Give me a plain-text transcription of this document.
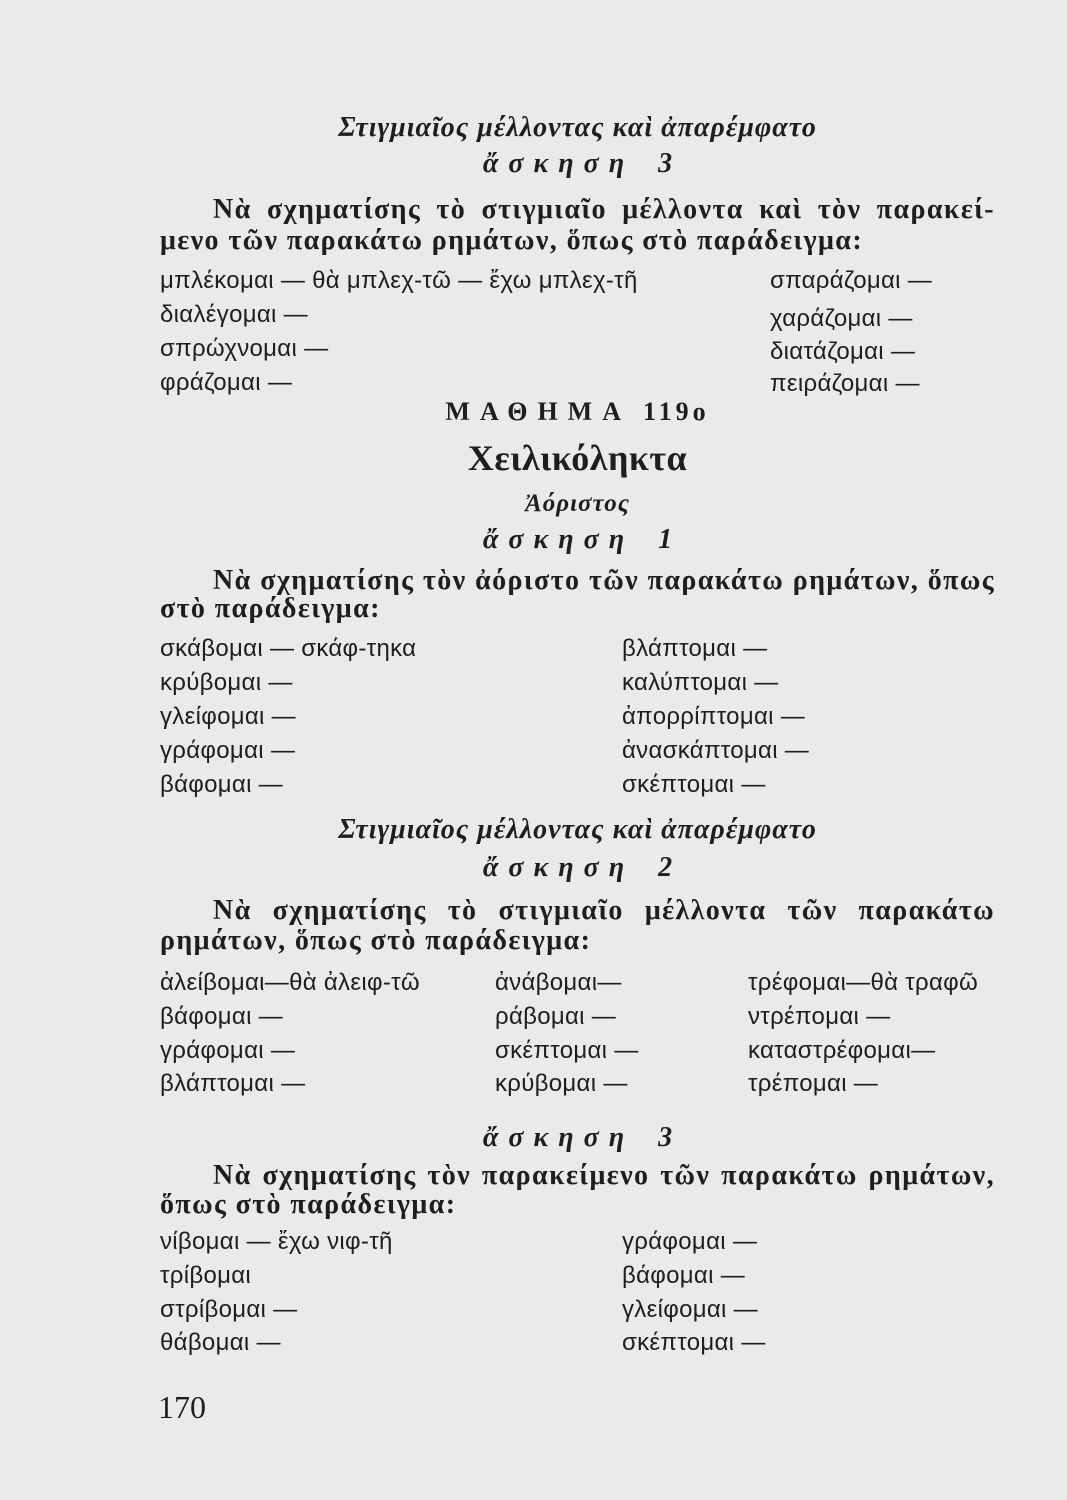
Στιγμιαῖος μέλλοντας καὶ ἀπαρέμφατο
ἄσκηση 3
Νὰ σχηματίσης τὸ στιγμιαῖο μέλλοντα καὶ τὸν παρακεί-
μενο τῶν παρακάτω ρημάτων, ὅπως στὸ παράδειγμα:
μπλέκομαι — θὰ μπλεχ-τῶ — ἔχω μπλεχ-τῆ
διαλέγομαι —
σπρώχνομαι —
φράζομαι —
σπαράζομαι —
χαράζομαι —
διατάζομαι —
πειράζομαι —
ΜΑΘΗΜΑ 119ο
Χειλικόληκτα
Ἀόριστος
ἄσκηση 1
Νὰ σχηματίσης τὸν ἀόριστο τῶν παρακάτω ρημάτων, ὅπως
στὸ παράδειγμα:
σκάβομαι — σκάφ-τηκα
κρύβομαι —
γλείφομαι —
γράφομαι —
βάφομαι —
βλάπτομαι —
καλύπτομαι —
ἀπορρίπτομαι —
ἀνασκάπτομαι —
σκέπτομαι —
Στιγμιαῖος μέλλοντας καὶ ἀπαρέμφατο
ἄσκηση 2
Νὰ σχηματίσης τὸ στιγμιαῖο μέλλοντα τῶν παρακάτω
ρημάτων, ὅπως στὸ παράδειγμα:
ἀλείβομαι—θὰ ἀλειφ-τῶ
βάφομαι —
γράφομαι —
βλάπτομαι —
ἀνάβομαι—
ράβομαι —
σκέπτομαι —
κρύβομαι —
τρέφομαι—θὰ τραφῶ
ντρέπομαι —
καταστρέφομαι—
τρέπομαι —
ἄσκηση 3
Νὰ σχηματίσης τὸν παρακείμενο τῶν παρακάτω ρημάτων,
ὅπως στὸ παράδειγμα:
νίβομαι — ἔχω νιφ-τῆ
τρίβομαι
στρίβομαι —
θάβομαι —
γράφομαι —
βάφομαι —
γλείφομαι —
σκέπτομαι —
170
